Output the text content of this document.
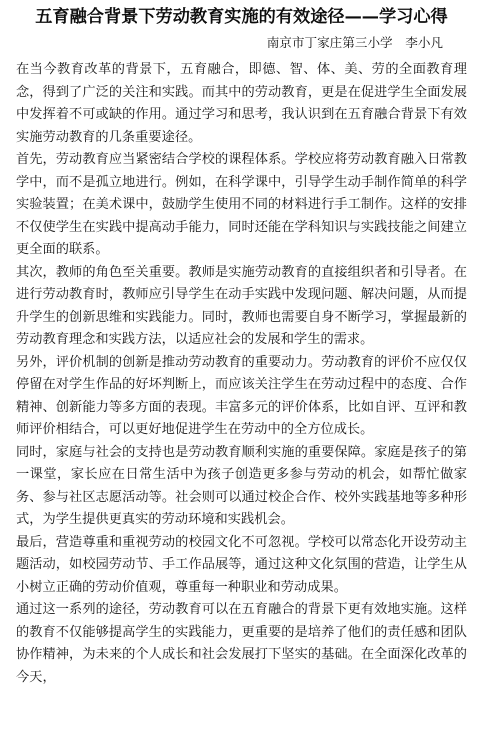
五育融合背景下劳动教育实施的有效途径——学习心得
南京市丁家庄第三小学　李小凡

在当今教育改革的背景下，五育融合，即德、智、体、美、劳的全面教育理念，得到了广泛的关注和实践。而其中的劳动教育，更是在促进学生全面发展中发挥着不可或缺的作用。通过学习和思考，我认识到在五育融合背景下有效实施劳动教育的几条重要途径。

首先，劳动教育应当紧密结合学校的课程体系。学校应将劳动教育融入日常教学中，而不是孤立地进行。例如，在科学课中，引导学生动手制作简单的科学实验装置；在美术课中，鼓励学生使用不同的材料进行手工制作。这样的安排不仅使学生在实践中提高动手能力，同时还能在学科知识与实践技能之间建立更全面的联系。

其次，教师的角色至关重要。教师是实施劳动教育的直接组织者和引导者。在进行劳动教育时，教师应引导学生在动手实践中发现问题、解决问题，从而提升学生的创新思维和实践能力。同时，教师也需要自身不断学习，掌握最新的劳动教育理念和实践方法，以适应社会的发展和学生的需求。

另外，评价机制的创新是推动劳动教育的重要动力。劳动教育的评价不应仅仅停留在对学生作品的好坏判断上，而应该关注学生在劳动过程中的态度、合作精神、创新能力等多方面的表现。丰富多元的评价体系，比如自评、互评和教师评价相结合，可以更好地促进学生在劳动中的全方位成长。

同时，家庭与社会的支持也是劳动教育顺利实施的重要保障。家庭是孩子的第一课堂，家长应在日常生活中为孩子创造更多参与劳动的机会，如帮忙做家务、参与社区志愿活动等。社会则可以通过校企合作、校外实践基地等多种形式，为学生提供更真实的劳动环境和实践机会。

最后，营造尊重和重视劳动的校园文化不可忽视。学校可以常态化开设劳动主题活动，如校园劳动节、手工作品展等，通过这种文化氛围的营造，让学生从小树立正确的劳动价值观，尊重每一种职业和劳动成果。

通过这一系列的途径，劳动教育可以在五育融合的背景下更有效地实施。这样的教育不仅能够提高学生的实践能力，更重要的是培养了他们的责任感和团队协作精神，为未来的个人成长和社会发展打下坚实的基础。在全面深化改革的今天，
